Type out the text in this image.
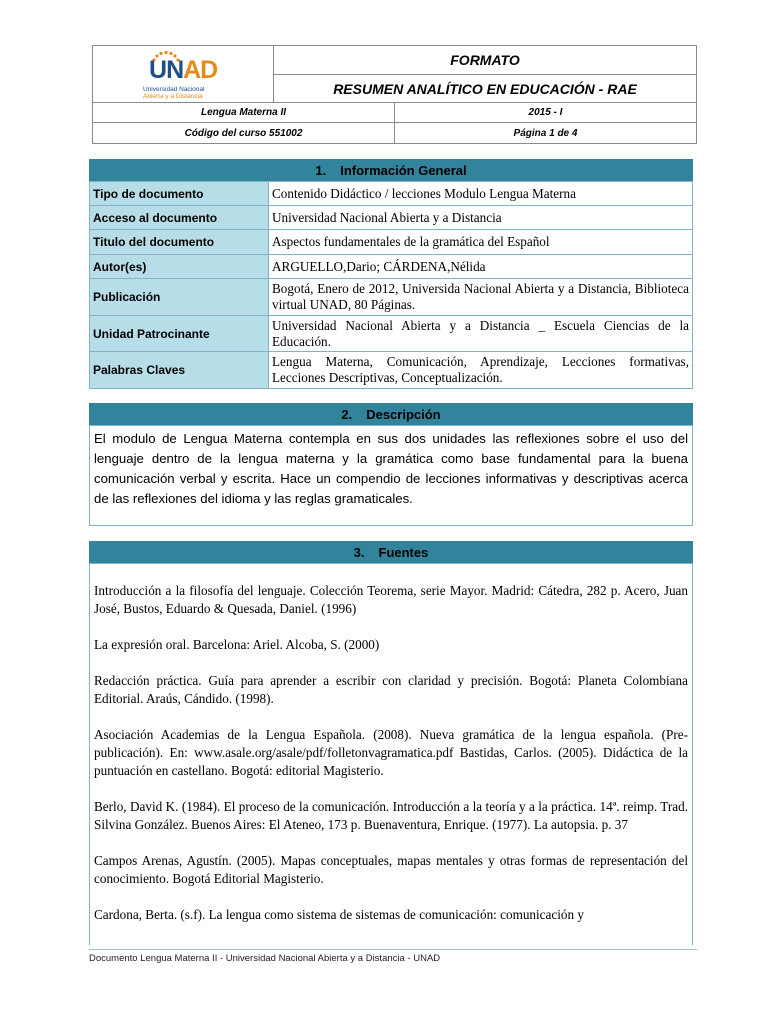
UNAD
Universidad Nacional
Abierta y a Distancia
FORMATO
RESUMEN ANALÍTICO EN EDUCACIÓN - RAE
Lengua Materna II	2015 - I
Código del curso 551002	Página 1 de 4
1. Información General
Tipo de documento	Contenido Didáctico / lecciones Modulo Lengua Materna
Acceso al documento	Universidad Nacional Abierta y a Distancia
Titulo del documento	Aspectos fundamentales de la gramática del Español
Autor(es)	ARGUELLO,Dario; CÁRDENA,Nélida
Publicación	Bogotá, Enero de 2012, Universida Nacional Abierta y a Distancia, Biblioteca virtual UNAD, 80 Páginas.
Unidad Patrocinante	Universidad Nacional Abierta y a Distancia _ Escuela Ciencias de la Educación.
Palabras Claves	Lengua Materna, Comunicación, Aprendizaje, Lecciones formativas, Lecciones Descriptivas, Conceptualización.
2. Descripción
El modulo de Lengua Materna contempla en sus dos unidades las reflexiones sobre el uso del lenguaje dentro de la lengua materna y la gramática como base fundamental para la buena comunicación verbal y escrita. Hace un compendio de lecciones informativas y descriptivas acerca de las reflexiones del idioma y las reglas gramaticales.
3. Fuentes

Introducción a la filosofía del lenguaje. Colección Teorema, serie Mayor. Madrid: Cátedra, 282 p. Acero, Juan José, Bustos, Eduardo & Quesada, Daniel. (1996)

La expresión oral. Barcelona: Ariel. Alcoba, S. (2000)

Redacción práctica. Guía para aprender a escribir con claridad y precisión. Bogotá: Planeta Colombiana Editorial. Araús, Cándido. (1998).

Asociación Academias de la Lengua Española. (2008). Nueva gramática de la lengua española. (Pre-publicación). En: www.asale.org/asale/pdf/folletonvagramatica.pdf Bastidas, Carlos. (2005). Didáctica de la puntuación en castellano. Bogotá: editorial Magisterio.

Berlo, David K. (1984). El proceso de la comunicación. Introducción a la teoría y a la práctica. 14ª. reimp. Trad. Silvina González. Buenos Aires: El Ateneo, 173 p. Buenaventura, Enrique. (1977). La autopsia. p. 37

Campos Arenas, Agustín. (2005). Mapas conceptuales, mapas mentales y otras formas de representación del conocimiento. Bogotá Editorial Magisterio.

Cardona, Berta. (s.f). La lengua como sistema de sistemas de comunicación: comunicación y

Documento Lengua Materna II - Universidad Nacional Abierta y a Distancia - UNAD
